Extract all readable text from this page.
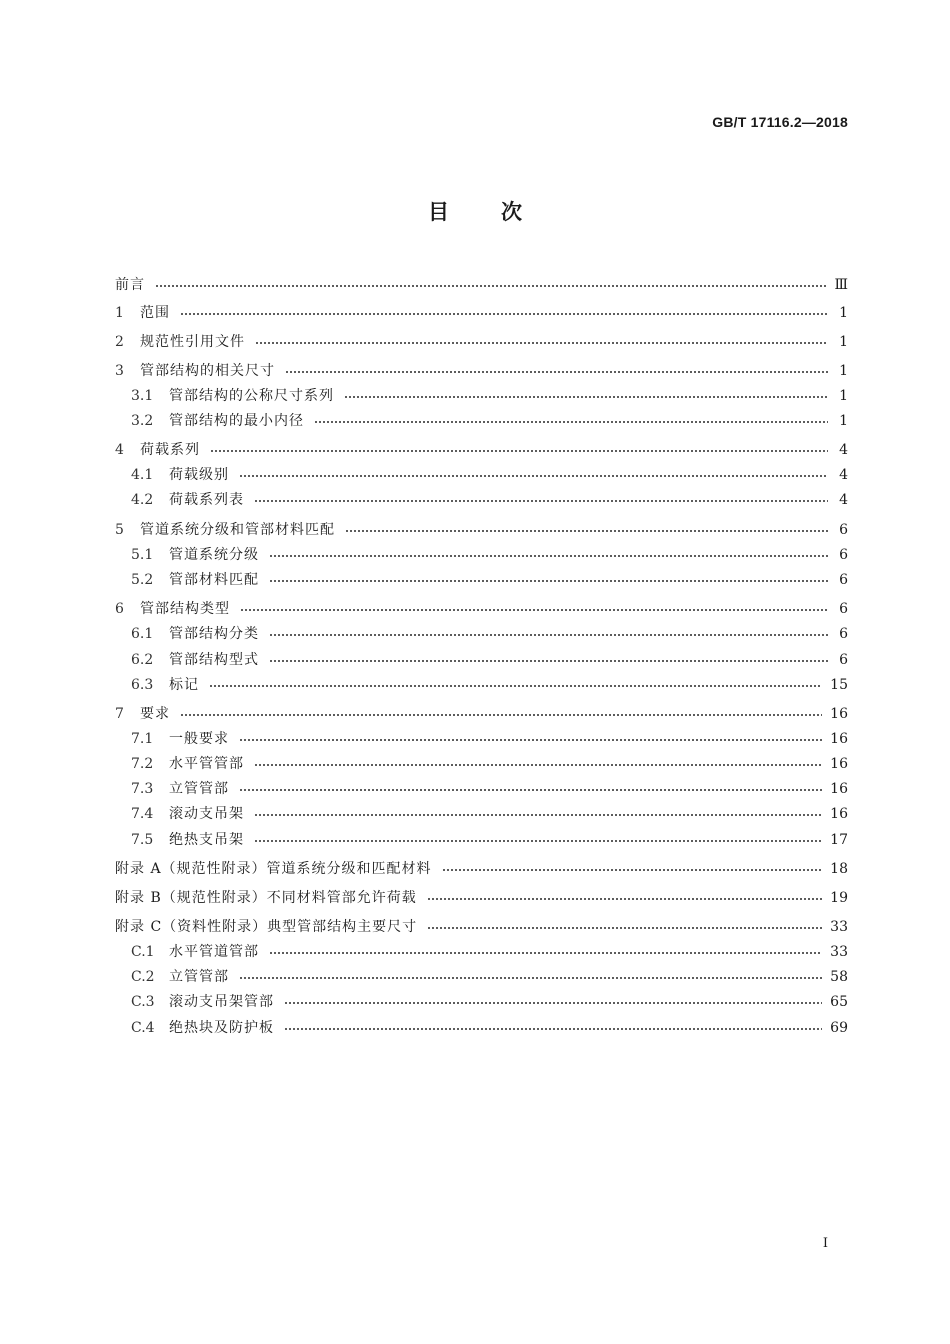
GB/T 17116.2—2018
目次
前言	Ⅲ
1	范围	1
2	规范性引用文件	1
3	管部结构的相关尺寸	1
3.1	管部结构的公称尺寸系列	1
3.2	管部结构的最小内径	1
4	荷载系列	4
4.1	荷载级别	4
4.2	荷载系列表	4
5	管道系统分级和管部材料匹配	6
5.1	管道系统分级	6
5.2	管部材料匹配	6
6	管部结构类型	6
6.1	管部结构分类	6
6.2	管部结构型式	6
6.3	标记	15
7	要求	16
7.1	一般要求	16
7.2	水平管管部	16
7.3	立管管部	16
7.4	滚动支吊架	16
7.5	绝热支吊架	17
附录 A（规范性附录）管道系统分级和匹配材料	18
附录 B（规范性附录）不同材料管部允许荷载	19
附录 C（资料性附录）典型管部结构主要尺寸	33
C.1	水平管道管部	33
C.2	立管管部	58
C.3	滚动支吊架管部	65
C.4	绝热块及防护板	69
I
